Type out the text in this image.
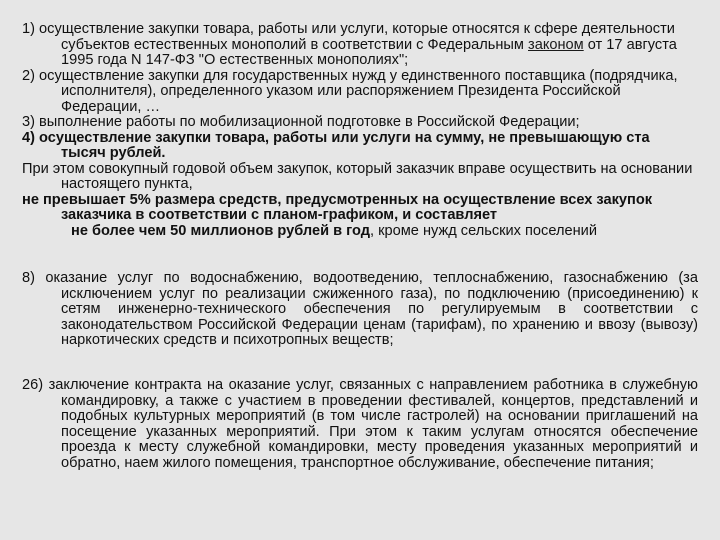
1) осуществление закупки товара, работы или услуги, которые относятся к сфере деятельности субъектов естественных монополий в соответствии с Федеральным законом от 17 августа 1995 года N 147-ФЗ "О естественных монополиях";

2) осуществление закупки для государственных нужд у единственного поставщика (подрядчика, исполнителя), определенного указом или распоряжением Президента Российской Федерации, …

3) выполнение работы по мобилизационной подготовке в Российской Федерации;

4) осуществление закупки товара, работы или услуги на сумму, не превышающую ста тысяч рублей.

При этом совокупный годовой объем закупок, который заказчик вправе осуществить на основании настоящего пункта,
не превышает 5% размера средств, предусмотренных на осуществление всех закупок заказчика в соответствии с планом-графиком, и составляет
не более чем 50 миллионов рублей в год, кроме нужд сельских поселений

8) оказание услуг по водоснабжению, водоотведению, теплоснабжению, газоснабжению (за исключением услуг по реализации сжиженного газа), по подключению (присоединению) к сетям инженерно-технического обеспечения по регулируемым в соответствии с законодательством Российской Федерации ценам (тарифам), по хранению и ввозу (вывозу) наркотических средств и психотропных веществ;

26) заключение контракта на оказание услуг, связанных с направлением работника в служебную командировку, а также с участием в проведении фестивалей, концертов, представлений и подобных культурных мероприятий (в том числе гастролей) на основании приглашений на посещение указанных мероприятий. При этом к таким услугам относятся обеспечение проезда к месту служебной командировки, месту проведения указанных мероприятий и обратно, наем жилого помещения, транспортное обслуживание, обеспечение питания;
